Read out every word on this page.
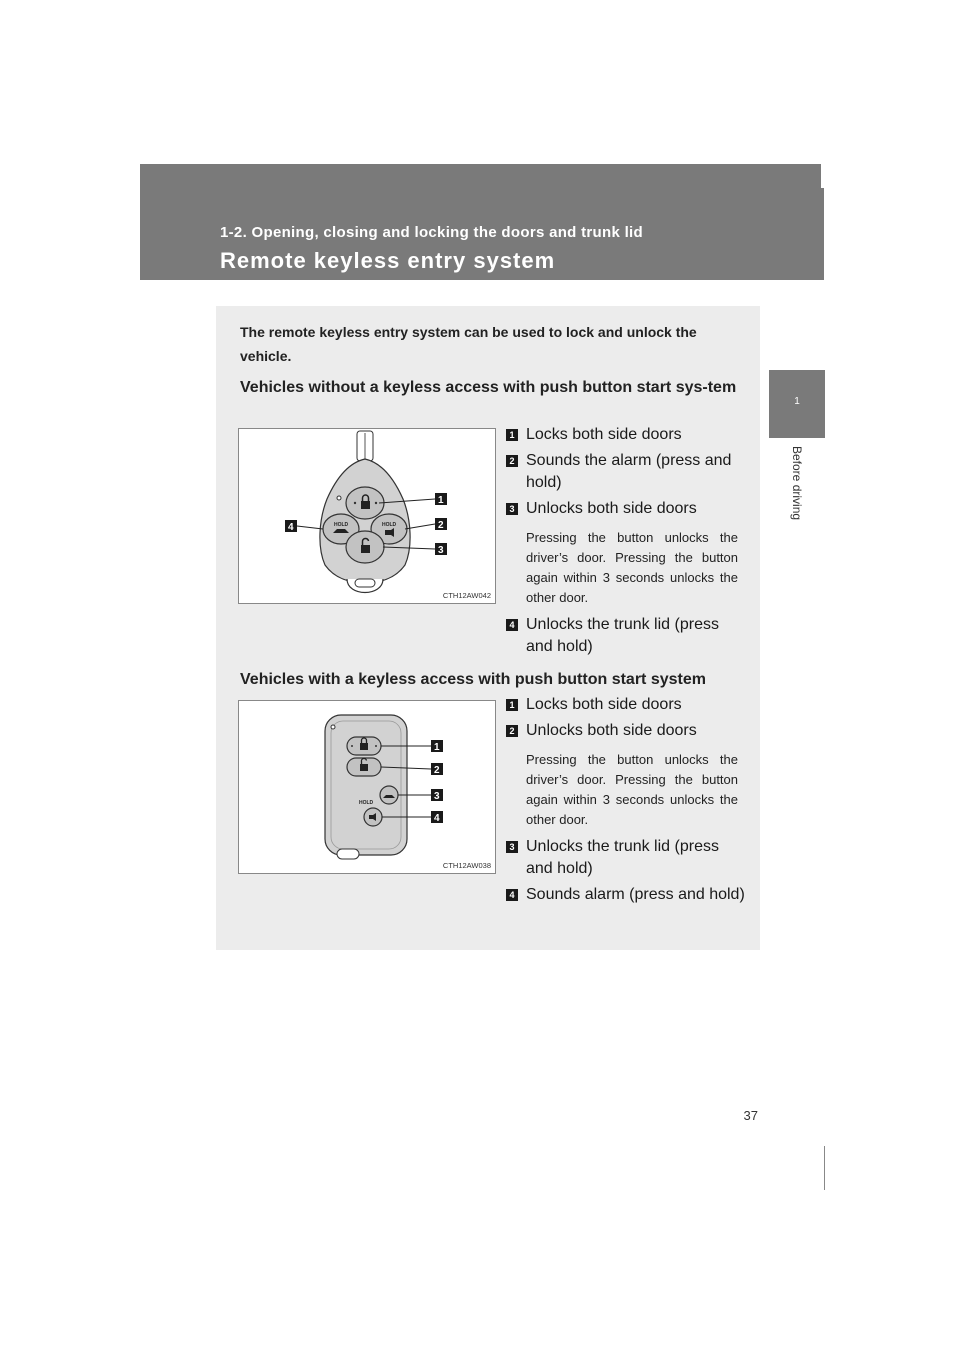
1-2. Opening, closing and locking the doors and trunk lid
Remote keyless entry system
1
Before driving
The remote keyless entry system can be used to lock and unlock the vehicle.
Vehicles without a keyless access with push button start sys-tem
HOLD	HOLD
1
2
3
4
CTH12AW042
1 Locks both side doors
2 Sounds the alarm (press and hold)
3 Unlocks both side doors
Pressing the button unlocks the driver’s door. Pressing the button again within 3 seconds unlocks the other door.
4 Unlocks the trunk lid (press and hold)
Vehicles with a keyless access with push button start system
HOLD
1
2
3
4
CTH12AW038
1 Locks both side doors
2 Unlocks both side doors
Pressing the button unlocks the driver’s door. Pressing the button again within 3 seconds unlocks the other door.
3 Unlocks the trunk lid (press and hold)
4 Sounds alarm (press and hold)
37
